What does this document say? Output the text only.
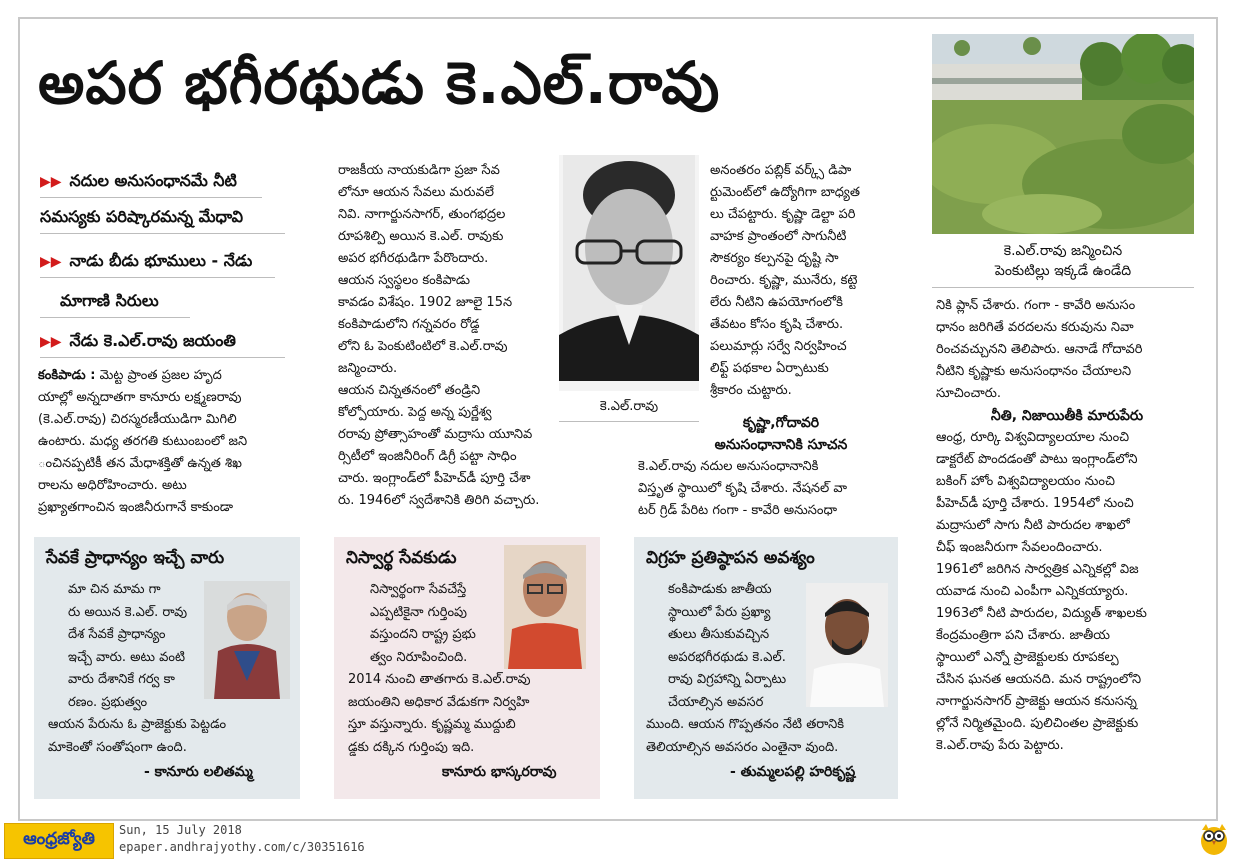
అపర భగీరథుడు కె.ఎల్.రావు
కె.ఎల్.రావు జన్మించిన
పెంకుటిల్లు ఇక్కడే ఉండేది
▶▶ నదుల అనుసంధానమే నీటి
సమస్యకు పరిష్కారమన్న మేధావి
▶▶ నాడు బీడు భూములు - నేడు
మాగాణి సిరులు
▶▶ నేడు కె.ఎల్.రావు జయంతి

కంకిపాడు : మెట్ట ప్రాంత ప్రజల హృద

యాల్లో అన్నదాతగా కానూరు లక్ష్మణరావు

(కె.ఎల్.రావు) చిరస్మరణీయుడిగా మిగిలి

ఉంటారు. మధ్య తరగతి కుటుంబంలో జని

ంచినప్పటికీ తన మేధాశక్తితో ఉన్నత శిఖ

రాలను అధిరోహించారు. అటు

ప్రఖ్యాతగాంచిన ఇంజినీరుగానే కాకుండా

రాజకీయ నాయకుడిగా ప్రజా సేవ

లోనూ ఆయన సేవలు మరువలే

నివి. నాగార్జునసాగర్, తుంగభద్రల

రూపశిల్పి అయిన కె.ఎల్. రావుకు

అపర భగీరథుడిగా పేరొందారు.

ఆయన స్వస్థలం కంకిపాడు

కావడం విశేషం. 1902 జూలై 15న

కంకిపాడులోని గన్నవరం రోడ్డ

లోని ఓ పెంకుటింటిలో కె.ఎల్.రావు

జన్మించారు.

ఆయన చిన్నతనంలో తండ్రిని

కోల్పోయారు. పెద్ద అన్న పుర్ణేశ్వ

రరావు ప్రోత్సాహంతో మద్రాసు యూనివ

ర్సిటీలో ఇంజినీరింగ్ డిగ్రీ పట్టా సాధిం

చారు. ఇంగ్లాండ్‌లో పీహెచ్‌డీ పూర్తి చేశా

రు. 1946లో స్వదేశానికి తిరిగి వచ్చారు.

కె.ఎల్.రావు

అనంతరం పబ్లిక్ వర్క్స్ డిపా

ర్టుమెంట్‌లో ఉద్యోగిగా బాధ్యత

లు చేపట్టారు. కృష్ణా డెల్టా పరి

వాహక ప్రాంతంలో సాగునీటి

సౌకర్యం కల్పనపై దృష్టి సా

రించారు. కృష్ణా, మునేరు, కట్టె

లేరు నీటిని ఉపయోగంలోకి

తేవటం కోసం కృషి చేశారు.

పలుమార్లు సర్వే నిర్వహించ

లిఫ్ట్ పథకాల ఏర్పాటుకు

శ్రీకారం చుట్టారు.

కృష్ణా,గోదావరి
అనుసంధానానికి సూచన

కె.ఎల్.రావు నదుల అనుసంధానానికి

విస్తృత స్థాయిలో కృషి చేశారు. నేషనల్ వా

టర్ గ్రిడ్ పేరిట గంగా - కావేరి అనుసంధా

నికి ప్లాన్ చేశారు. గంగా - కావేరి అనుసం

ధానం జరిగితే వరదలను కరువును నివా

రించవచ్చునని తెలిపారు. ఆనాడే గోదావరి

నీటిని కృష్ణాకు అనుసంధానం చేయాలని

సూచించారు.

నీతి, నిజాయితీకి మారుపేరు

ఆంధ్ర, రూర్కి విశ్వవిద్యాలయాల నుంచి

డాక్టరేట్ పొందడంతో పాటు ఇంగ్లాండ్‌లోని

బకింగ్ హోం విశ్వవిద్యాలయం నుంచి

పీహెచ్‌డీ పూర్తి చేశారు. 1954లో నుంచి

మద్రాసులో సాగు నీటి పారుదల శాఖలో

చీఫ్ ఇంజనీరుగా సేవలందించారు.

1961లో జరిగిన సార్వత్రిక ఎన్నికల్లో విజ

యవాడ నుంచి ఎంపీగా ఎన్నికయ్యారు.

1963లో నీటి పారుదల, విద్యుత్ శాఖలకు

కేంద్రమంత్రిగా పని చేశారు. జాతీయ

స్థాయిలో ఎన్నో ప్రాజెక్టులకు రూపకల్ప

చేసిన ఘనత ఆయనది. మన రాష్ట్రంలోని

నాగార్జునసాగర్ ప్రాజెక్టు ఆయన కనుసన్న

ల్లోనే నిర్మితమైంది. పులిచింతల ప్రాజెక్టుకు

కె.ఎల్.రావు పేరు పెట్టారు.

సేవకే ప్రాధాన్యం ఇచ్చే వారు
మా చిన మామ గా
రు అయిన కె.ఎల్. రావు
దేశ సేవకే ప్రాధాన్యం
ఇచ్చే వారు. అటు వంటి
వారు దేశానికే గర్వ కా
రణం. ప్రభుత్వం
ఆయన పేరును ఓ ప్రాజెక్టుకు పెట్టడం
మాకెంతో సంతోషంగా ఉంది.
- కానూరు లలితమ్మ
నిస్వార్థ సేవకుడు
నిస్వార్థంగా సేవచేస్తే
ఎప్పటికైనా గుర్తింపు
వస్తుందని రాష్ట్ర ప్రభు
త్వం నిరూపించింది.
2014 నుంచి తాతగారు కె.ఎల్.రావు
జయంతిని అధికార వేడుకగా నిర్వహి
స్తూ వస్తున్నారు. కృష్ణమ్మ ముద్దుబి
డ్డకు దక్కిన గుర్తింపు ఇది.
కానూరు భాస్కరరావు
విగ్రహ ప్రతిష్ఠాపన అవశ్యం
కంకిపాడుకు జాతీయ
స్థాయిలో పేరు ప్రఖ్యా
తులు తీసుకువచ్చిన
అపరభగీరథుడు కె.ఎల్.
రావు విగ్రహాన్ని ఏర్పాటు
చేయాల్సిన అవసర
ముంది. ఆయన గొప్పతనం నేటి తరానికి
తెలియాల్సిన అవసరం ఎంతైనా వుంది.
- తుమ్మలపల్లి హరికృష్ణ
ఆంధ్రజ్యోతి	Sun, 15 July 2018
epaper.andhrajyothy.com/c/30351616
